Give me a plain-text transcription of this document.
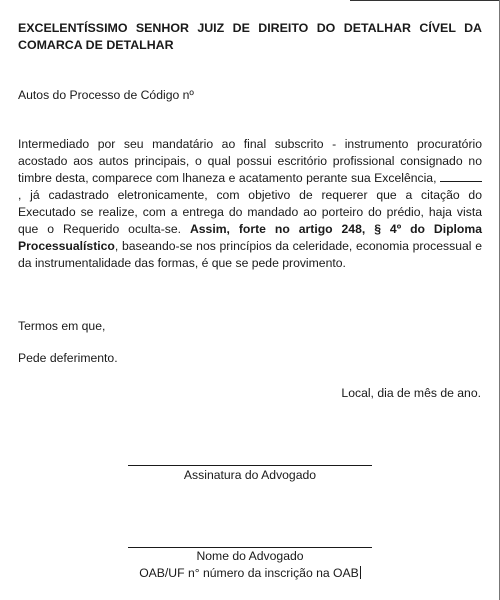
EXCELENTÍSSIMO SENHOR JUIZ DE DIREITO DO DETALHAR CÍVEL DA COMARCA DE DETALHAR
Autos do Processo de Código nº
Intermediado por seu mandatário ao final subscrito - instrumento procuratório acostado aos autos principais, o qual possui escritório profissional consignado no timbre desta, comparece com lhaneza e acatamento perante sua Excelência, , já cadastrado eletronicamente, com objetivo de requerer que a citação do Executado se realize, com a entrega do mandado ao porteiro do prédio, haja vista que o Requerido oculta-se. Assim, forte no artigo 248, § 4º do Diploma Processualístico, baseando-se nos princípios da celeridade, economia processual e da instrumentalidade das formas, é que se pede provimento.
Termos em que,
Pede deferimento.
Local, dia de mês de ano.
Assinatura do Advogado
Nome do Advogado
OAB/UF n° número da inscrição na OAB
